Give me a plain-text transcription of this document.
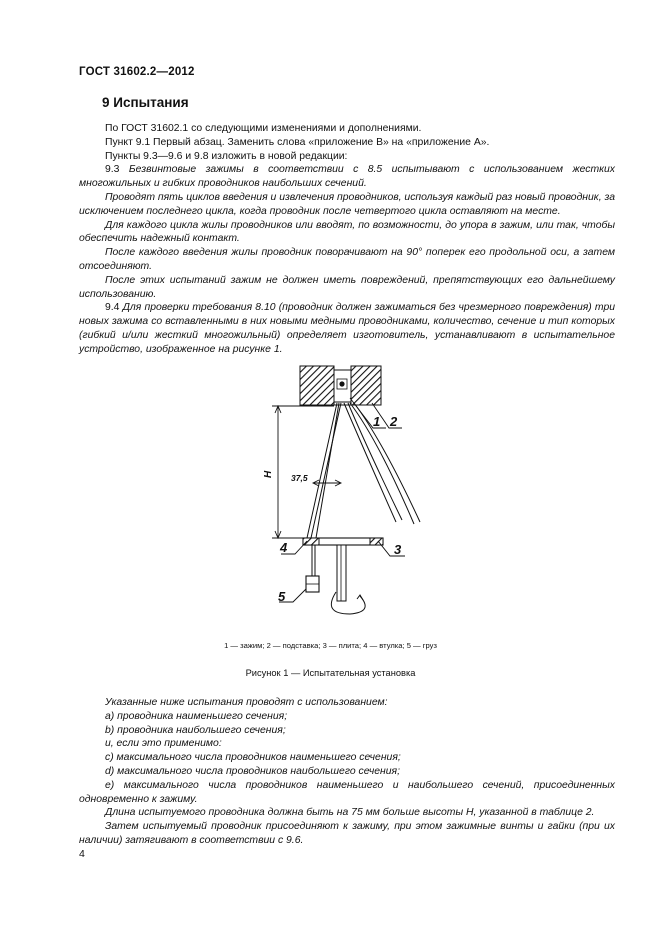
ГОСТ 31602.2—2012
9 Испытания

По ГОСТ 31602.1 со следующими изменениями и дополнениями.

Пункт 9.1 Первый абзац. Заменить слова «приложение B» на «приложение A».

Пункты 9.3—9.6 и 9.8 изложить в новой редакции:

9.3 Безвинтовые зажимы в соответствии с 8.5 испытывают с использованием жестких многожильных и гибких проводников наибольших сечений.

Проводят пять циклов введения и извлечения проводников, используя каждый раз новый проводник, за исключением последнего цикла, когда проводник после четвертого цикла оставляют на месте.

Для каждого цикла жилы проводников или вводят, по возможности, до упора в зажим, или так, чтобы обеспечить надежный контакт.

После каждого введения жилы проводник поворачивают на 90° поперек его продольной оси, а затем отсоединяют.

После этих испытаний зажим не должен иметь повреждений, препятствующих его дальнейшему использованию.

9.4 Для проверки требования 8.10 (проводник должен зажиматься без чрезмерного повреждения) три новых зажима со вставленными в них новыми медными проводниками, количество, сечение и тип которых (гибкий и/или жесткий многожильный) определяет изготовитель, устанавливают в испытательное устройство, изображенное на рисунке 1.

1 2
3
4
5
H 37,5
1 — зажим; 2 — подставка; 3 — плита; 4 — втулка; 5 — груз
Рисунок 1 — Испытательная установка

Указанные ниже испытания проводят с использованием:

a) проводника наименьшего сечения;

b) проводника наибольшего сечения;

и, если это применимо:

c) максимального числа проводников наименьшего сечения;

d) максимального числа проводников наибольшего сечения;

e) максимального числа проводников наименьшего и наибольшего сечений, присоединенных одновременно к зажиму.

Длина испытуемого проводника должна быть на 75 мм больше высоты H, указанной в таблице 2.

Затем испытуемый проводник присоединяют к зажиму, при этом зажимные винты и гайки (при их наличии) затягивают в соответствии с 9.6.

4
